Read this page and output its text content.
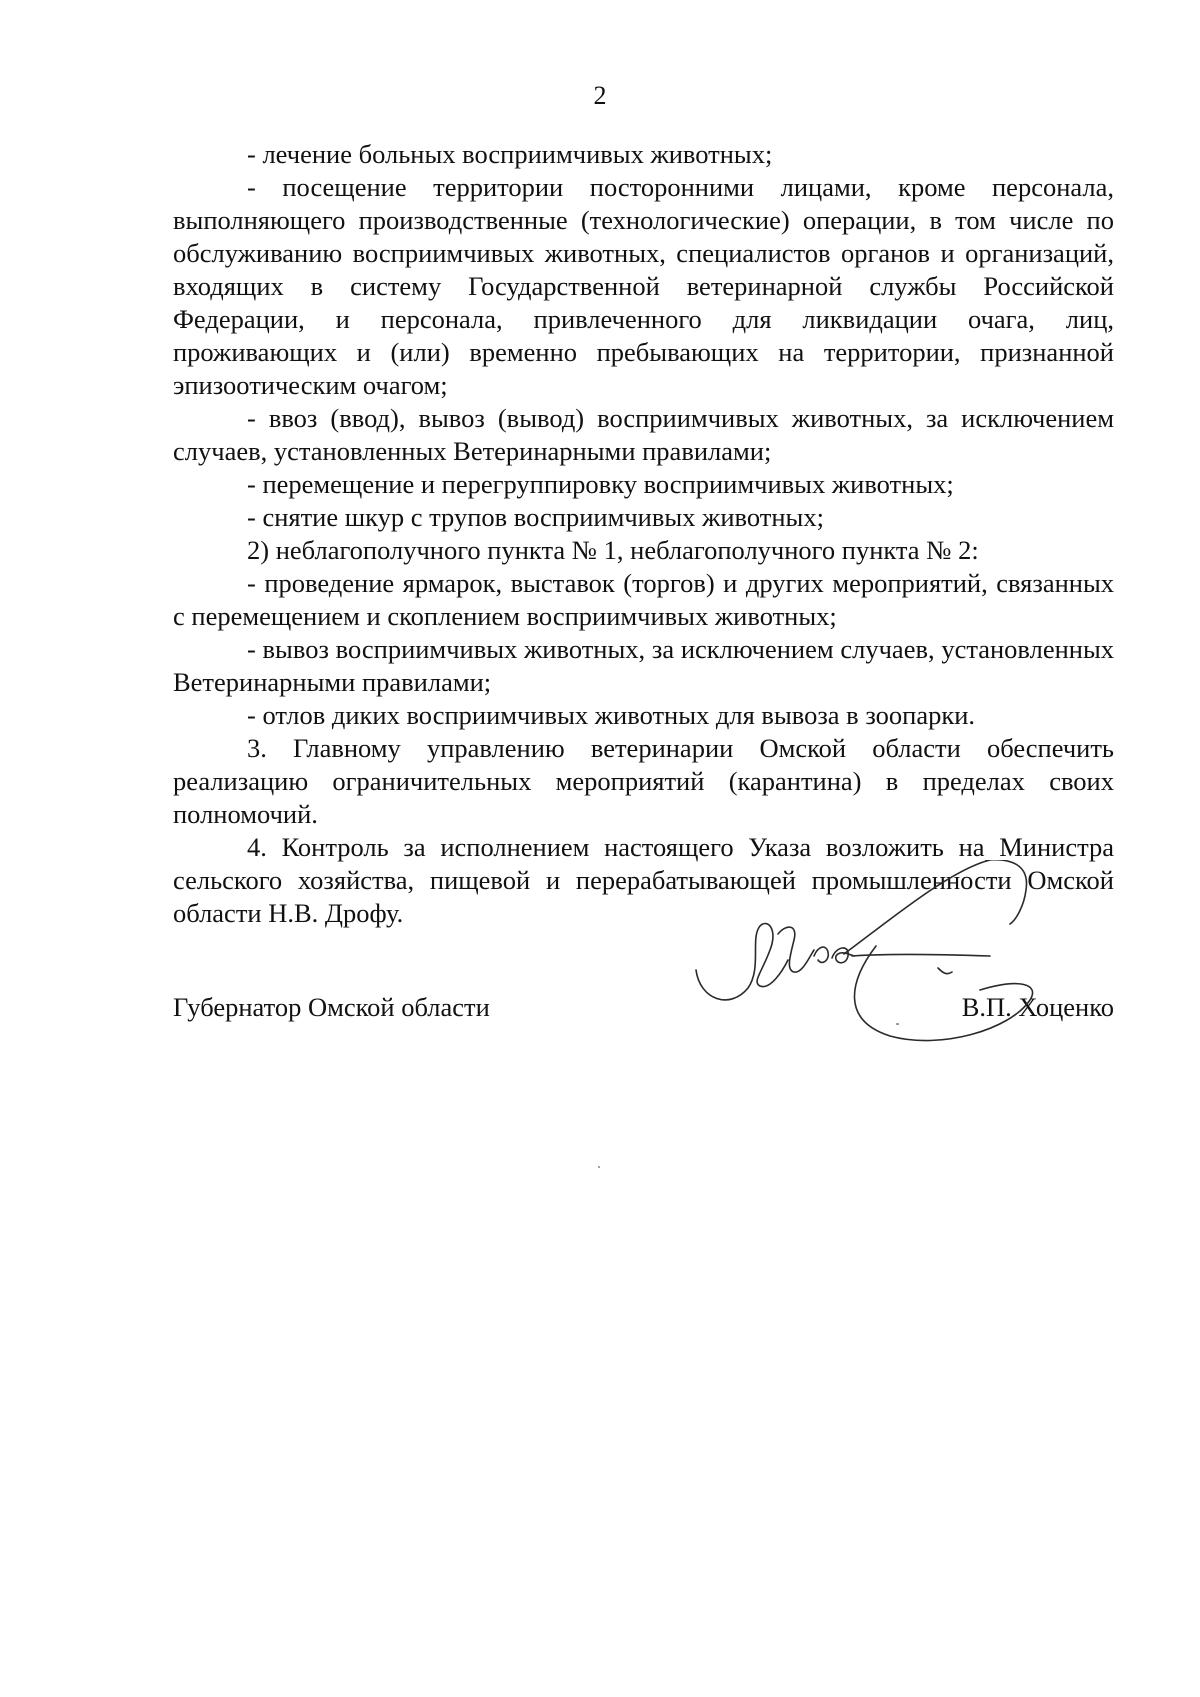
2

- лечение больных восприимчивых животных;

- посещение территории посторонними лицами, кроме персонала, выполняющего производственные (технологические) операции, в том числе по обслуживанию восприимчивых животных, специалистов органов и организаций, входящих в систему Государственной ветеринарной службы Российской Федерации, и персонала, привлеченного для ликвидации очага, лиц, проживающих и (или) временно пребывающих на территории, признанной эпизоотическим очагом;

- ввоз (ввод), вывоз (вывод) восприимчивых животных, за исключением случаев, установленных Ветеринарными правилами;

- перемещение и перегруппировку восприимчивых животных;

- снятие шкур с трупов восприимчивых животных;

2) неблагополучного пункта № 1, неблагополучного пункта № 2:

- проведение ярмарок, выставок (торгов) и других мероприятий, связанных с перемещением и скоплением восприимчивых животных;

- вывоз восприимчивых животных, за исключением случаев, установленных Ветеринарными правилами;

- отлов диких восприимчивых животных для вывоза в зоопарки.

3. Главному управлению ветеринарии Омской области обеспечить реализацию ограничительных мероприятий (карантина) в пределах своих полномочий.

4. Контроль за исполнением настоящего Указа возложить на Министра сельского хозяйства, пищевой и перерабатывающей промышленности Омской области Н.В. Дрофу.

Губернатор Омской области	В.П. Хоценко
